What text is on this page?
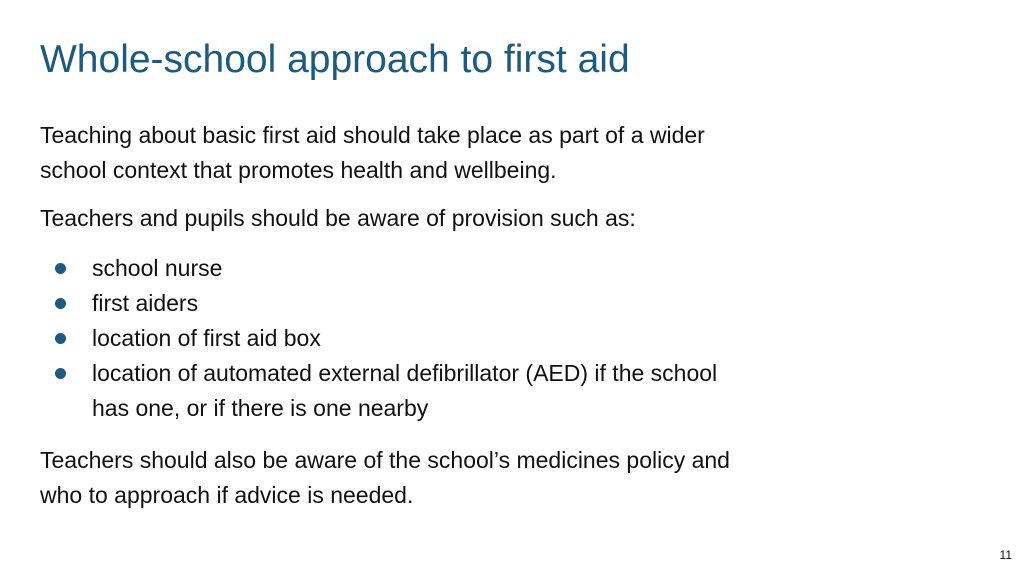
Whole-school approach to first aid

Teaching about basic first aid should take place as part of a wider
school context that promotes health and wellbeing.

Teachers and pupils should be aware of provision such as:

school nurse
first aiders
location of first aid box
location of automated external defibrillator (AED) if the school
has one, or if there is one nearby

Teachers should also be aware of the school’s medicines policy and
who to approach if advice is needed.

11
